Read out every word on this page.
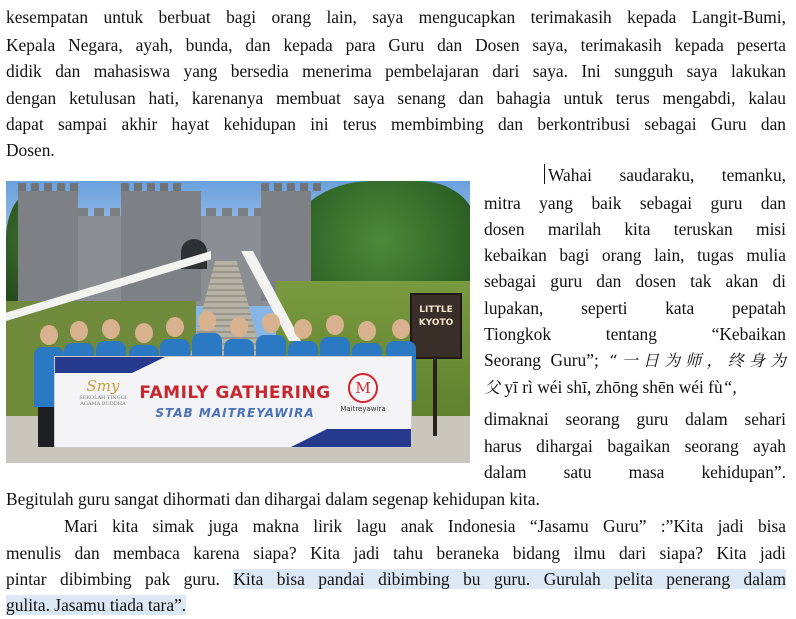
kesempatan untuk berbuat bagi orang lain, saya mengucapkan terimakasih kepada Langit-Bumi,
Kepala Negara, ayah, bunda, dan kepada para Guru dan Dosen saya, terimakasih kepada peserta
didik dan mahasiswa yang bersedia menerima pembelajaran dari saya. Ini sungguh saya lakukan
dengan ketulusan hati, karenanya membuat saya senang dan bahagia untuk terus mengabdi, kalau
dapat sampai akhir hayat kehidupan ini terus membimbing dan berkontribusi sebagai Guru dan
Dosen.
LITTLE
KYOTO
Smy
SEKOLAH TINGGI AGAMA BUDDHA
FAMILY GATHERING
STAB MAITREYAWIRA
M
Maitreyawira
Wahai saudaraku, temanku,
mitra yang baik sebagai guru dan
dosen marilah kita teruskan misi
kebaikan bagi orang lain, tugas mulia
sebagai guru dan dosen tak akan di
lupakan, seperti kata pepatah
Tiongkok tentang “Kebaikan
Seorang Guru”; “一日为师，终身为
父 yī rì wéi shī, zhōng shēn wéi fù“,
dimaknai seorang guru dalam sehari
harus dihargai bagaikan seorang ayah
dalam satu masa kehidupan”.
Begitulah guru sangat dihormati dan dihargai dalam segenap kehidupan kita.
Mari kita simak juga makna lirik lagu anak Indonesia “Jasamu Guru” :”Kita jadi bisa
menulis dan membaca karena siapa? Kita jadi tahu beraneka bidang ilmu dari siapa? Kita jadi
pintar dibimbing pak guru. Kita bisa pandai dibimbing bu guru. Gurulah pelita penerang dalam
gulita. Jasamu tiada tara”.
